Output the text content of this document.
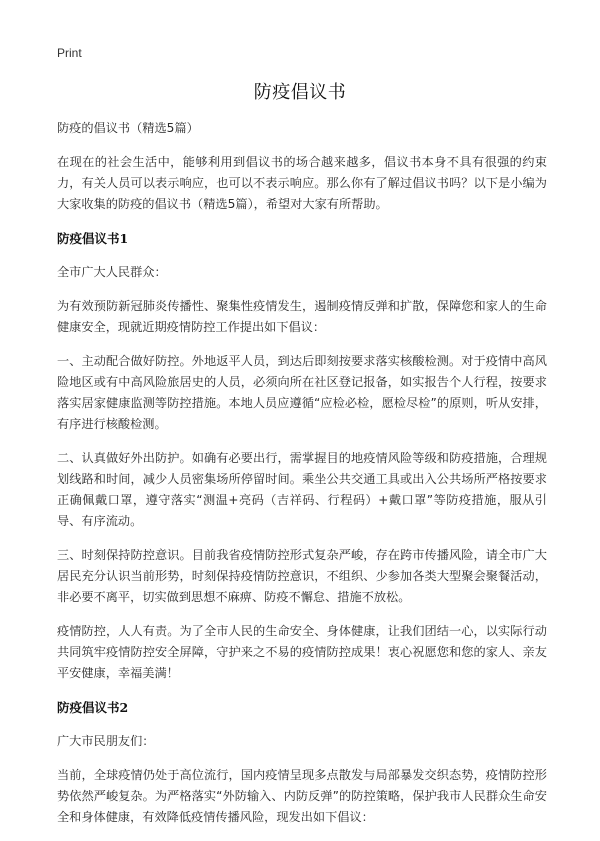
Print
防疫倡议书

防疫的倡议书（精选5篇）

在现在的社会生活中，能够利用到倡议书的场合越来越多，倡议书本身不具有很强的约束力，有关人员可以表示响应，也可以不表示响应。那么你有了解过倡议书吗？以下是小编为大家收集的防疫的倡议书（精选5篇），希望对大家有所帮助。

防疫倡议书1

全市广大人民群众：

为有效预防新冠肺炎传播性、聚集性疫情发生，遏制疫情反弹和扩散，保障您和家人的生命健康安全，现就近期疫情防控工作提出如下倡议：

一、主动配合做好防控。外地返平人员，到达后即刻按要求落实核酸检测。对于疫情中高风险地区或有中高风险旅居史的人员，必须向所在社区登记报备，如实报告个人行程，按要求落实居家健康监测等防控措施。本地人员应遵循“应检必检，愿检尽检”的原则，听从安排，有序进行核酸检测。

二、认真做好外出防护。如确有必要出行，需掌握目的地疫情风险等级和防疫措施，合理规划线路和时间，减少人员密集场所停留时间。乘坐公共交通工具或出入公共场所严格按要求正确佩戴口罩，遵守落实“测温+亮码（吉祥码、行程码）+戴口罩”等防疫措施，服从引导、有序流动。

三、时刻保持防控意识。目前我省疫情防控形式复杂严峻，存在跨市传播风险，请全市广大居民充分认识当前形势，时刻保持疫情防控意识，不组织、少参加各类大型聚会聚餐活动，非必要不离平，切实做到思想不麻痹、防疫不懈怠、措施不放松。

疫情防控，人人有责。为了全市人民的生命安全、身体健康，让我们团结一心，以实际行动共同筑牢疫情防控安全屏障，守护来之不易的疫情防控成果！衷心祝愿您和您的家人、亲友平安健康，幸福美满！

防疫倡议书2

广大市民朋友们：

当前，全球疫情仍处于高位流行，国内疫情呈现多点散发与局部暴发交织态势，疫情防控形势依然严峻复杂。为严格落实“外防输入、内防反弹”的防控策略，保护我市人民群众生命安全和身体健康，有效降低疫情传播风险，现发出如下倡议：
